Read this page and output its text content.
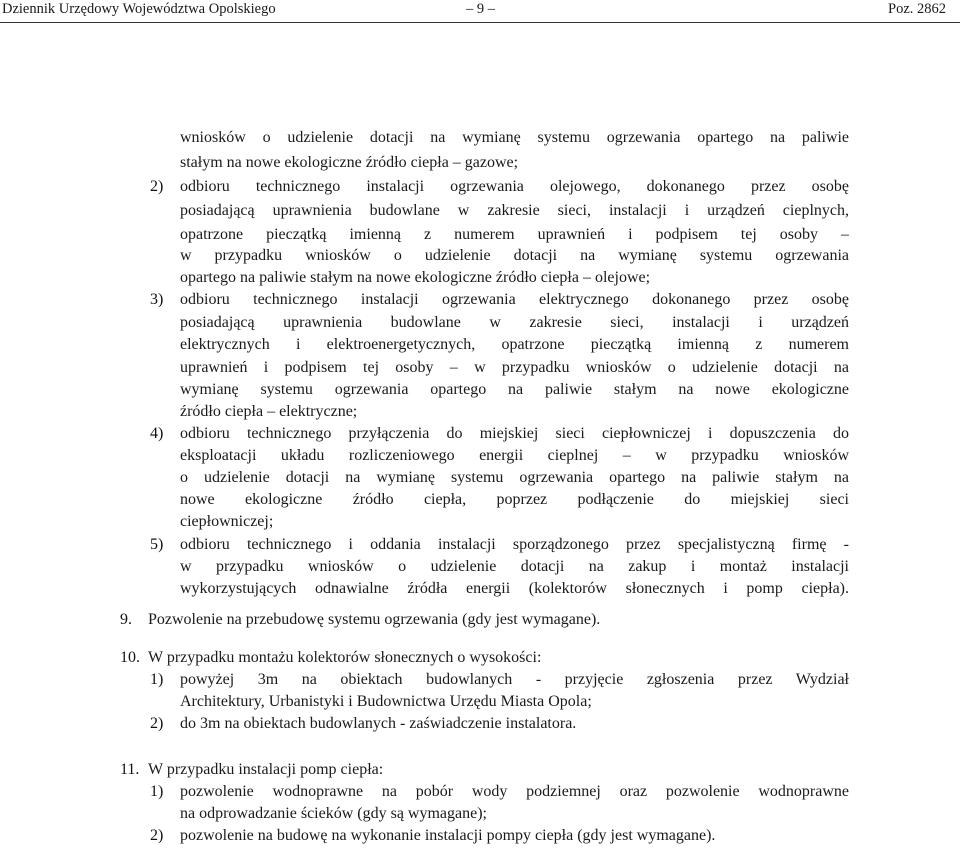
Dziennik Urzędowy Województwa Opolskiego	– 9 –	Poz. 2862
wniosków o udzielenie dotacji na wymianę systemu ogrzewania opartego na paliwie
stałym na nowe ekologiczne źródło ciepła – gazowe;
2) odbioru technicznego instalacji ogrzewania olejowego, dokonanego przez osobę
posiadającą uprawnienia budowlane w zakresie sieci, instalacji i urządzeń cieplnych,
opatrzone pieczątką imienną z numerem uprawnień i podpisem tej osoby –
w przypadku wniosków o udzielenie dotacji na wymianę systemu ogrzewania
opartego na paliwie stałym na nowe ekologiczne źródło ciepła – olejowe;
3) odbioru technicznego instalacji ogrzewania elektrycznego dokonanego przez osobę
posiadającą uprawnienia budowlane w zakresie sieci, instalacji i urządzeń
elektrycznych i elektroenergetycznych, opatrzone pieczątką imienną z numerem
uprawnień i podpisem tej osoby – w przypadku wniosków o udzielenie dotacji na
wymianę systemu ogrzewania opartego na paliwie stałym na nowe ekologiczne
źródło ciepła – elektryczne;
4) odbioru technicznego przyłączenia do miejskiej sieci ciepłowniczej i dopuszczenia do
eksploatacji układu rozliczeniowego energii cieplnej – w przypadku wniosków
o udzielenie dotacji na wymianę systemu ogrzewania opartego na paliwie stałym na
nowe ekologiczne źródło ciepła, poprzez podłączenie do miejskiej sieci
ciepłowniczej;
5) odbioru technicznego i oddania instalacji sporządzonego przez specjalistyczną firmę -
w przypadku wniosków o udzielenie dotacji na zakup i montaż instalacji
wykorzystujących odnawialne źródła energii (kolektorów słonecznych i pomp ciepła).
9. Pozwolenie na przebudowę systemu ogrzewania (gdy jest wymagane).
10. W przypadku montażu kolektorów słonecznych o wysokości:
1) powyżej 3m na obiektach budowlanych - przyjęcie zgłoszenia przez Wydział
Architektury, Urbanistyki i Budownictwa Urzędu Miasta Opola;
2) do 3m na obiektach budowlanych - zaświadczenie instalatora.
11. W przypadku instalacji pomp ciepła:
1) pozwolenie wodnoprawne na pobór wody podziemnej oraz pozwolenie wodnoprawne
na odprowadzanie ścieków (gdy są wymagane);
2) pozwolenie na budowę na wykonanie instalacji pompy ciepła (gdy jest wymagane).
